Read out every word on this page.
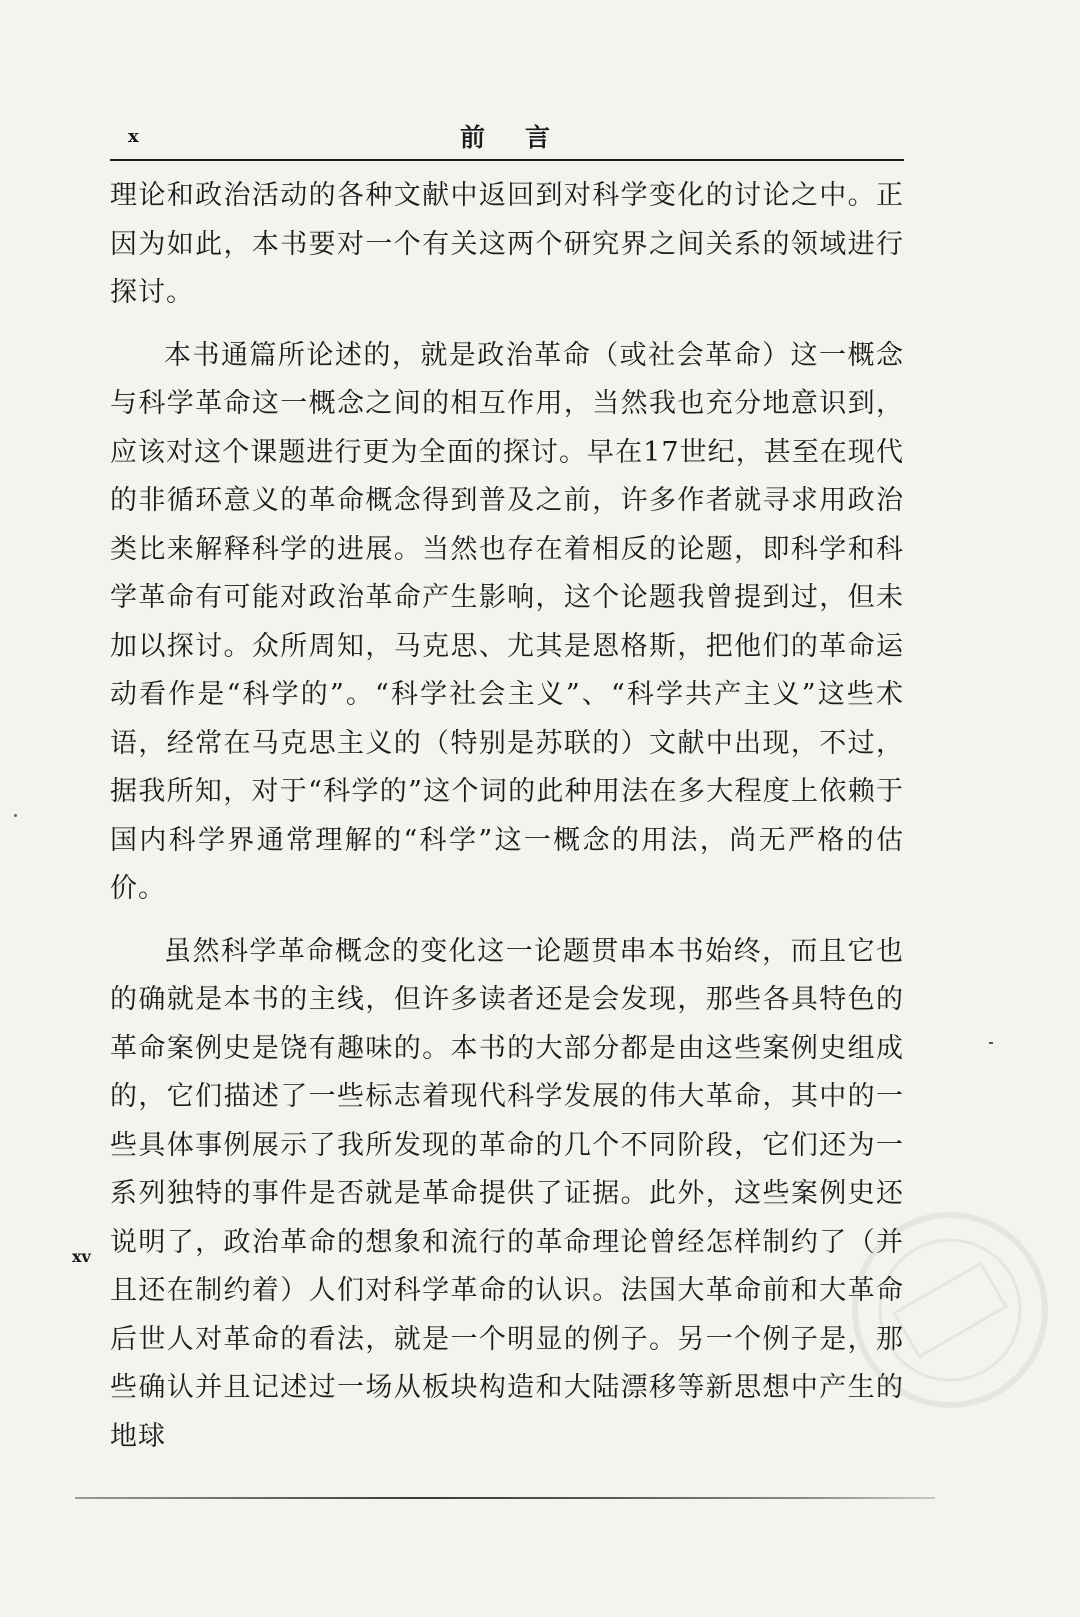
x	前言

理论和政治活动的各种文献中返回到对科学变化的讨论之中。正因为如此，本书要对一个有关这两个研究界之间关系的领域进行探讨。

本书通篇所论述的，就是政治革命（或社会革命）这一概念与科学革命这一概念之间的相互作用，当然我也充分地意识到，应该对这个课题进行更为全面的探讨。早在17世纪，甚至在现代的非循环意义的革命概念得到普及之前，许多作者就寻求用政治类比来解释科学的进展。当然也存在着相反的论题，即科学和科学革命有可能对政治革命产生影响，这个论题我曾提到过，但未加以探讨。众所周知，马克思、尤其是恩格斯，把他们的革命运动看作是“科学的”。“科学社会主义”、“科学共产主义”这些术语，经常在马克思主义的（特别是苏联的）文献中出现，不过，据我所知，对于“科学的”这个词的此种用法在多大程度上依赖于国内科学界通常理解的“科学”这一概念的用法，尚无严格的估价。

虽然科学革命概念的变化这一论题贯串本书始终，而且它也的确就是本书的主线，但许多读者还是会发现，那些各具特色的革命案例史是饶有趣味的。本书的大部分都是由这些案例史组成的，它们描述了一些标志着现代科学发展的伟大革命，其中的一些具体事例展示了我所发现的革命的几个不同阶段，它们还为一系列独特的事件是否就是革命提供了证据。此外，这些案例史还说明了，政治革命的想象和流行的革命理论曾经怎样制约了（并且还在制约着）人们对科学革命的认识。法国大革命前和大革命后世人对革命的看法，就是一个明显的例子。另一个例子是，那些确认并且记述过一场从板块构造和大陆漂移等新思想中产生的地球

xv
